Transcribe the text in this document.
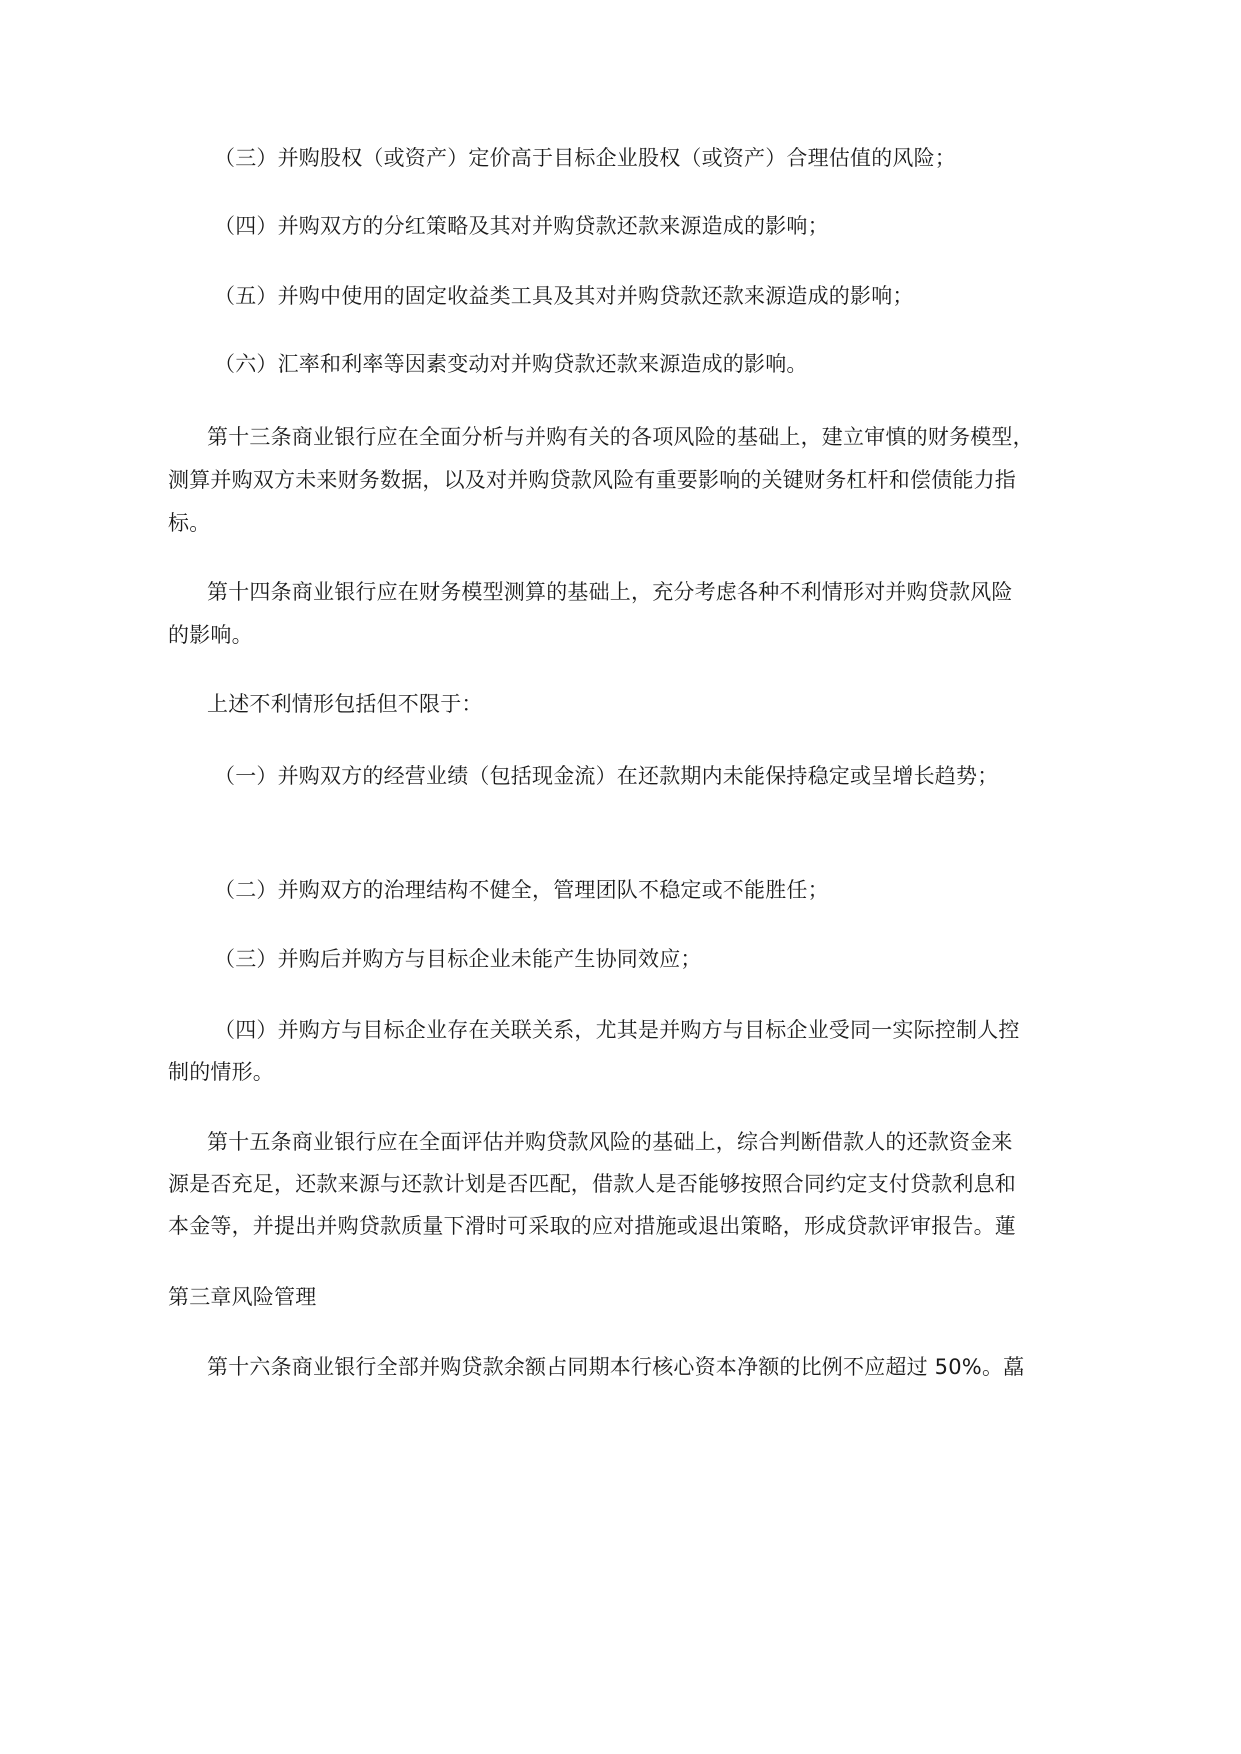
（三）并购股权（或资产）定价高于目标企业股权（或资产）合理估值的风险；
（四）并购双方的分红策略及其对并购贷款还款来源造成的影响；
（五）并购中使用的固定收益类工具及其对并购贷款还款来源造成的影响；
（六）汇率和利率等因素变动对并购贷款还款来源造成的影响。
第十三条商业银行应在全面分析与并购有关的各项风险的基础上，建立审慎的财务模型，
测算并购双方未来财务数据，以及对并购贷款风险有重要影响的关键财务杠杆和偿债能力指
标。
第十四条商业银行应在财务模型测算的基础上，充分考虑各种不利情形对并购贷款风险
的影响。
上述不利情形包括但不限于：
（一）并购双方的经营业绩（包括现金流）在还款期内未能保持稳定或呈增长趋势；
（二）并购双方的治理结构不健全，管理团队不稳定或不能胜任；
（三）并购后并购方与目标企业未能产生协同效应；
（四）并购方与目标企业存在关联关系，尤其是并购方与目标企业受同一实际控制人控
制的情形。
第十五条商业银行应在全面评估并购贷款风险的基础上，综合判断借款人的还款资金来
源是否充足，还款来源与还款计划是否匹配，借款人是否能够按照合同约定支付贷款利息和
本金等，并提出并购贷款质量下滑时可采取的应对措施或退出策略，形成贷款评审报告。蓮
第三章风险管理
第十六条商业银行全部并购贷款余额占同期本行核心资本净额的比例不应超过 50%。藠
